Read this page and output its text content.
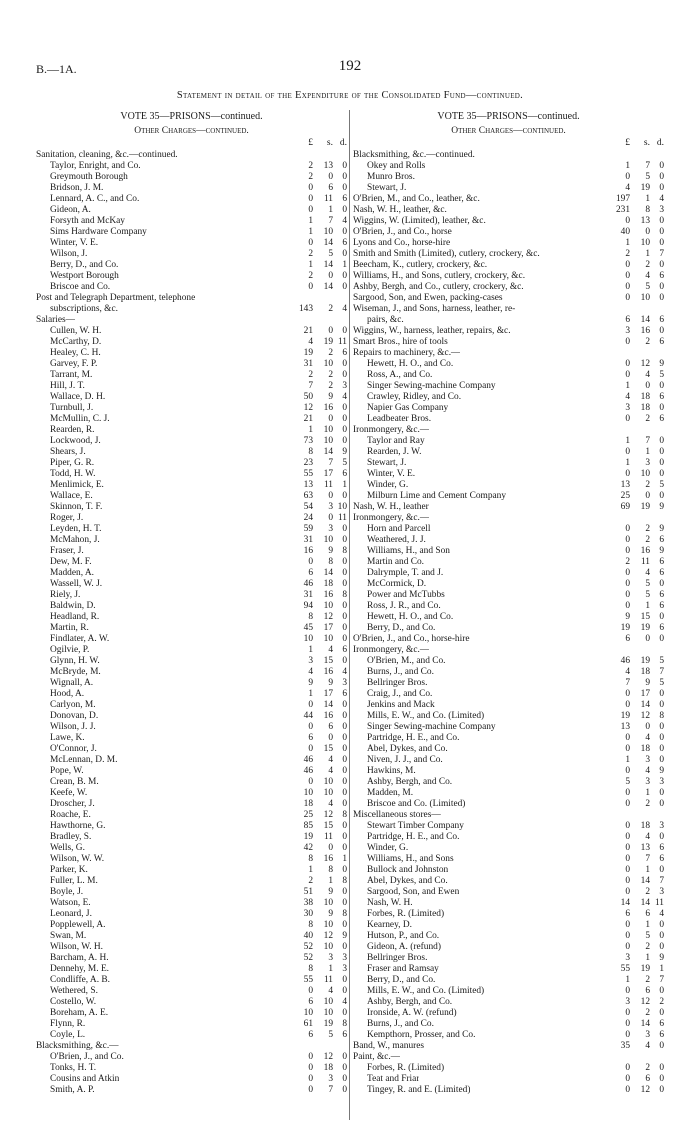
B.—1A.	192
Statement in detail of the Expenditure of the Consolidated Fund—continued.
VOTE 35—PRISONS—continued.
Other Charges—continued.
£	s. d.
Sanitation, cleaning, &c.—continued.
Taylor, Enright, and Co.	2	13 0
Greymouth Borough	2	0 0
Bridson, J. M.	0	6 0
Lennard, A. C., and Co.	0	11 6
Gideon, A.	0	1 0
Forsyth and McKay	1	7 4
Sims Hardware Company	1	10 0
Winter, V. E.	0	14 6
Wilson, J.	2	5 0
Berry, D., and Co.	1	14 1
Westport Borough	2	0 0
Briscoe and Co.	0	14 0
Post and Telegraph Department, telephone
subscriptions, &c.	143	2 4
Salaries—
Cullen, W. H.	21	0 0
McCarthy, D.	4	19 11
Healey, C. H.	19	2 6
Garvey, F. P.	31	10 0
Tarrant, M.	2	2 0
Hill, J. T.	7	2 3
Wallace, D. H.	50	9 4
Turnbull, J.	12	16 0
McMullin, C. J.	21	0 0
Rearden, R.	1	10 0
Lockwood, J.	73	10 0
Shears, J.	8	14 9
Piper, G. R.	23	7 5
Todd, H. W.	55	17 6
Menlimick, E.	13	11 1
Wallace, E.	63	0 0
Skinnon, T. F.	54	3 10
Roger, J.	24	0 11
Leyden, H. T.	59	3 0
McMahon, J.	31	10 0
Fraser, J.	16	9 8
Dew, M. F.	0	8 0
Madden, A.	6	14 0
Wassell, W. J.	46	18 0
Riely, J.	31	16 8
Baldwin, D.	94	10 0
Headland, R.	8	12 0
Martin, R.	45	17 0
Findlater, A. W.	10	10 0
Ogilvie, P.	1	4 6
Glynn, H. W.	3	15 0
McBryde, M.	4	16 4
Wignall, A.	9	9 3
Hood, A.	1	17 6
Carlyon, M.	0	14 0
Donovan, D.	44	16 0
Wilson, J. J.	0	6 0
Lawe, K.	6	0 0
O'Connor, J.	0	15 0
McLennan, D. M.	46	4 0
Pope, W.	46	4 0
Crean, B. M.	0	10 0
Keefe, W.	10	10 0
Droscher, J.	18	4 0
Roache, E.	25	12 8
Hawthorne, G.	85	15 0
Bradley, S.	19	11 0
Wells, G.	42	0 0
Wilson, W. W.	8	16 1
Parker, K.	1	8 0
Fuller, L. M.	2	1 8
Boyle, J.	51	9 0
Watson, E.	38	10 0
Leonard, J.	30	9 8
Popplewell, A.	8	10 0
Swan, M.	40	12 9
Wilson, W. H.	52	10 0
Barcham, A. H.	52	3 3
Dennehy, M. E.	8	1 3
Condliffe, A. B.	55	11 0
Wethered, S.	0	4 0
Costello, W.	6	10 4
Boreham, A. E.	10	10 0
Flynn, R.	61	19 8
Coyle, L.	6	5 6
Blacksmithing, &c.—
O'Brien, J., and Co.	0	12 0
Tonks, H. T.	0	18 0
Cousins and Atkin	0	3 0
Smith, A. P.	0	7 0
VOTE 35—PRISONS—continued.
Other Charges—continued.
£	s. d.
Blacksmithing, &c.—continued.
Okey and Rolls	1	7 0
Munro Bros.	0	5 0
Stewart, J.	4	19 0
O'Brien, M., and Co., leather, &c.	197	1 4
Nash, W. H., leather, &c.	231	8 3
Wiggins, W. (Limited), leather, &c.	0	13 0
O'Brien, J., and Co., horse	40	0 0
Lyons and Co., horse-hire	1	10 0
Smith and Smith (Limited), cutlery, crockery, &c.	2	1 7
Beecham, K., cutlery, crockery, &c.	0	2 0
Williams, H., and Sons, cutlery, crockery, &c.	0	4 6
Ashby, Bergh, and Co., cutlery, crockery, &c.	0	5 0
Sargood, Son, and Ewen, packing-cases	0	10 0
Wiseman, J., and Sons, harness, leather, re-
pairs, &c.	6	14 6
Wiggins, W., harness, leather, repairs, &c.	3	16 0
Smart Bros., hire of tools	0	2 6
Repairs to machinery, &c.—
Hewett, H. O., and Co.	0	12 9
Ross, A., and Co.	0	4 5
Singer Sewing-machine Company	1	0 0
Crawley, Ridley, and Co.	4	18 6
Napier Gas Company	3	18 0
Leadbeater Bros.	0	2 6
Ironmongery, &c.—
Taylor and Ray	1	7 0
Rearden, J. W.	0	1 0
Stewart, J.	1	3 0
Winter, V. E.	0	10 0
Winder, G.	13	2 5
Milburn Lime and Cement Company	25	0 0
Nash, W. H., leather	69	19 9
Ironmongery, &c.—
Horn and Parcell	0	2 9
Weathered, J. J.	0	2 6
Williams, H., and Son	0	16 9
Martin and Co.	2	11 6
Dalrymple, T. and J.	0	4 6
McCormick, D.	0	5 0
Power and McTubbs	0	5 6
Ross, J. R., and Co.	0	1 6
Hewett, H. O., and Co.	9	15 0
Berry, D., and Co.	19	19 6
O'Brien, J., and Co., horse-hire	6	0 0
Ironmongery, &c.—
O'Brien, M., and Co.	46	19 5
Burns, J., and Co.	4	18 7
Bellringer Bros.	7	9 5
Craig, J., and Co.	0	17 0
Jenkins and Mack	0	14 0
Mills, E. W., and Co. (Limited)	19	12 8
Singer Sewing-machine Company	13	0 0
Partridge, H. E., and Co.	0	4 0
Abel, Dykes, and Co.	0	18 0
Niven, J. J., and Co.	1	3 0
Hawkins, M.	0	4 9
Ashby, Bergh, and Co.	5	3 3
Madden, M.	0	1 0
Briscoe and Co. (Limited)	0	2 0
Miscellaneous stores—
Stewart Timber Company	0	18 3
Partridge, H. E., and Co.	0	4 0
Winder, G.	0	13 6
Williams, H., and Sons	0	7 6
Bullock and Johnston	0	1 0
Abel, Dykes, and Co.	0	14 7
Sargood, Son, and Ewen	0	2 3
Nash, W. H.	14	14 11
Forbes, R. (Limited)	6	6 4
Kearney, D.	0	1 0
Hutson, P., and Co.	0	5 0
Gideon, A. (refund)	0	2 0
Bellringer Bros.	3	1 9
Fraser and Ramsay	55	19 1
Berry, D., and Co.	1	2 7
Mills, E. W., and Co. (Limited)	0	6 0
Ashby, Bergh, and Co.	3	12 2
Ironside, A. W. (refund)	0	2 0
Burns, J., and Co.	0	14 6
Kempthorn, Prosser, and Co.	0	3 6
Band, W., manures	35	4 0
Paint, &c.—
Forbes, R. (Limited)	0	2 0
Teat and Friar	0	6 0
Tingey, R. and E. (Limited)	0	12 0
